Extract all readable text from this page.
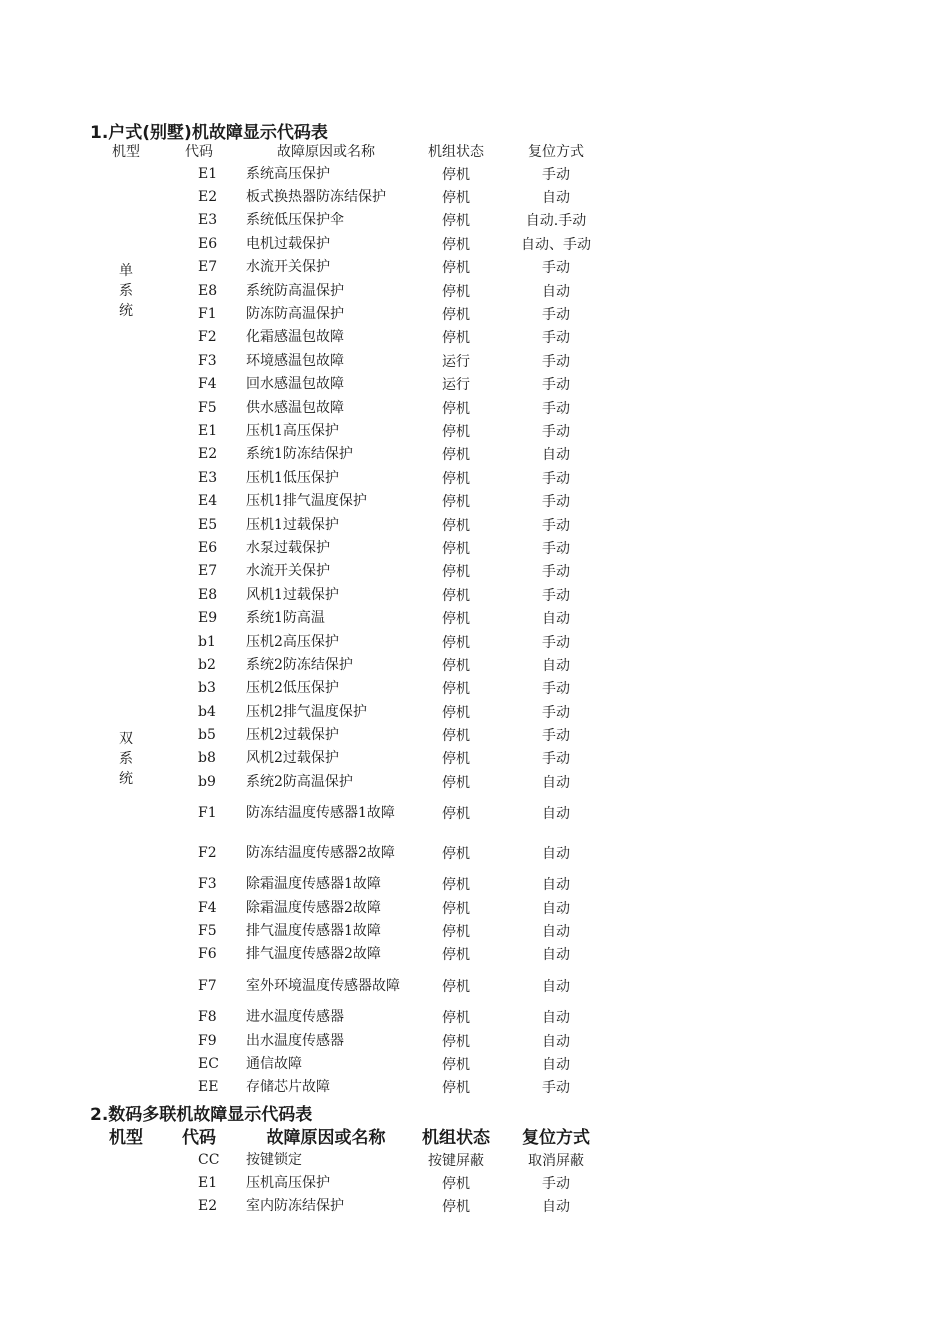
1.户式(别墅)机故障显示代码表
机型	代码	故障原因或名称	机组状态	复位方式
单
系
统	E1	系统高压保护	停机	手动
	E2	板式换热器防冻结保护	停机	自动
	E3	系统低压保护伞	停机	自动.手动
	E6	电机过载保护	停机	自动、手动
	E7	水流开关保护	停机	手动
	E8	系统防高温保护	停机	自动
	F1	防冻防高温保护	停机	手动
	F2	化霜感温包故障	停机	手动
	F3	环境感温包故障	运行	手动
	F4	回水感温包故障	运行	手动
	F5	供水感温包故障	停机	手动
双
系
统	E1	压机1高压保护	停机	手动
	E2	系统1防冻结保护	停机	自动
	E3	压机1低压保护	停机	手动
	E4	压机1排气温度保护	停机	手动
	E5	压机1过载保护	停机	手动
	E6	水泵过载保护	停机	手动
	E7	水流开关保护	停机	手动
	E8	风机1过载保护	停机	手动
	E9	系统1防高温	停机	自动
	b1	压机2高压保护	停机	手动
	b2	系统2防冻结保护	停机	自动
	b3	压机2低压保护	停机	手动
	b4	压机2排气温度保护	停机	手动
	b5	压机2过载保护	停机	手动
	b8	风机2过载保护	停机	手动
	b9	系统2防高温保护	停机	自动
	F1	防冻结温度传感器1故障	停机	自动
	F2	防冻结温度传感器2故障	停机	自动
	F3	除霜温度传感器1故障	停机	自动
	F4	除霜温度传感器2故障	停机	自动
	F5	排气温度传感器1故障	停机	自动
	F6	排气温度传感器2故障	停机	自动
	F7	室外环境温度传感器故障	停机	自动
	F8	进水温度传感器	停机	自动
	F9	出水温度传感器	停机	自动
	EC	通信故障	停机	自动
	EE	存储芯片故障	停机	手动
2.数码多联机故障显示代码表
机型	代码	故障原因或名称	机组状态	复位方式
	CC	按键锁定	按键屏蔽	取消屏蔽
	E1	压机高压保护	停机	手动
	E2	室内防冻结保护	停机	自动
